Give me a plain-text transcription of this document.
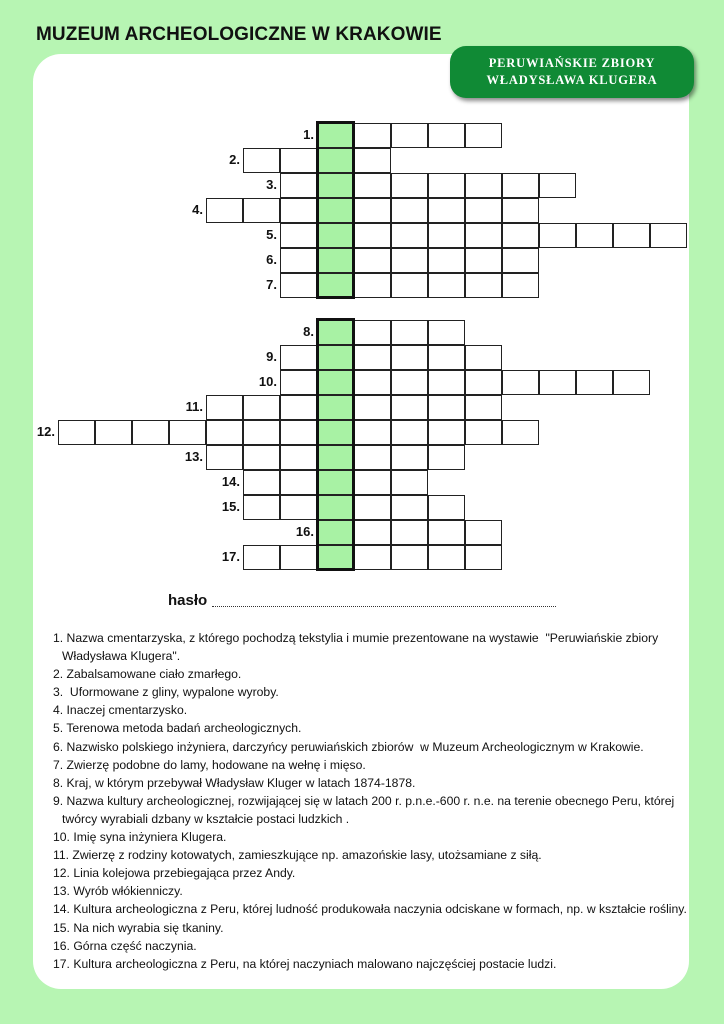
MUZEUM ARCHEOLOGICZNE W KRAKOWIE
PERUWIAŃSKIE ZBIORY
WŁADYSŁAWA KLUGERA
1.
2.
3.
4.
5.
6.
7.
8.
9.
10.
11.
12.
13.
14.
15.
16.
17.
hasło
1. Nazwa cmentarzyska, z którego pochodzą tekstylia i mumie prezentowane na wystawie  "Peruwiańskie zbiory Władysława Klugera".
2. Zabalsamowane ciało zmarłego.
3.  Uformowane z gliny, wypalone wyroby.
4. Inaczej cmentarzysko.
5. Terenowa metoda badań archeologicznych.
6. Nazwisko polskiego inżyniera, darczyńcy peruwiańskich zbiorów  w Muzeum Archeologicznym w Krakowie.
7. Zwierzę podobne do lamy, hodowane na wełnę i mięso.
8. Kraj, w którym przebywał Władysław Kluger w latach 1874-1878.
9. Nazwa kultury archeologicznej, rozwijającej się w latach 200 r. p.n.e.-600 r. n.e. na terenie obecnego Peru, której twórcy wyrabiali dzbany w kształcie postaci ludzkich .
10. Imię syna inżyniera Klugera.
11. Zwierzę z rodziny kotowatych, zamieszkujące np. amazońskie lasy, utożsamiane z siłą.
12. Linia kolejowa przebiegająca przez Andy.
13. Wyrób włókienniczy.
14. Kultura archeologiczna z Peru, której ludność produkowała naczynia odciskane w formach, np. w kształcie rośliny.
15. Na nich wyrabia się tkaniny.
16. Górna część naczynia.
17. Kultura archeologiczna z Peru, na której naczyniach malowano najczęściej postacie ludzi.
